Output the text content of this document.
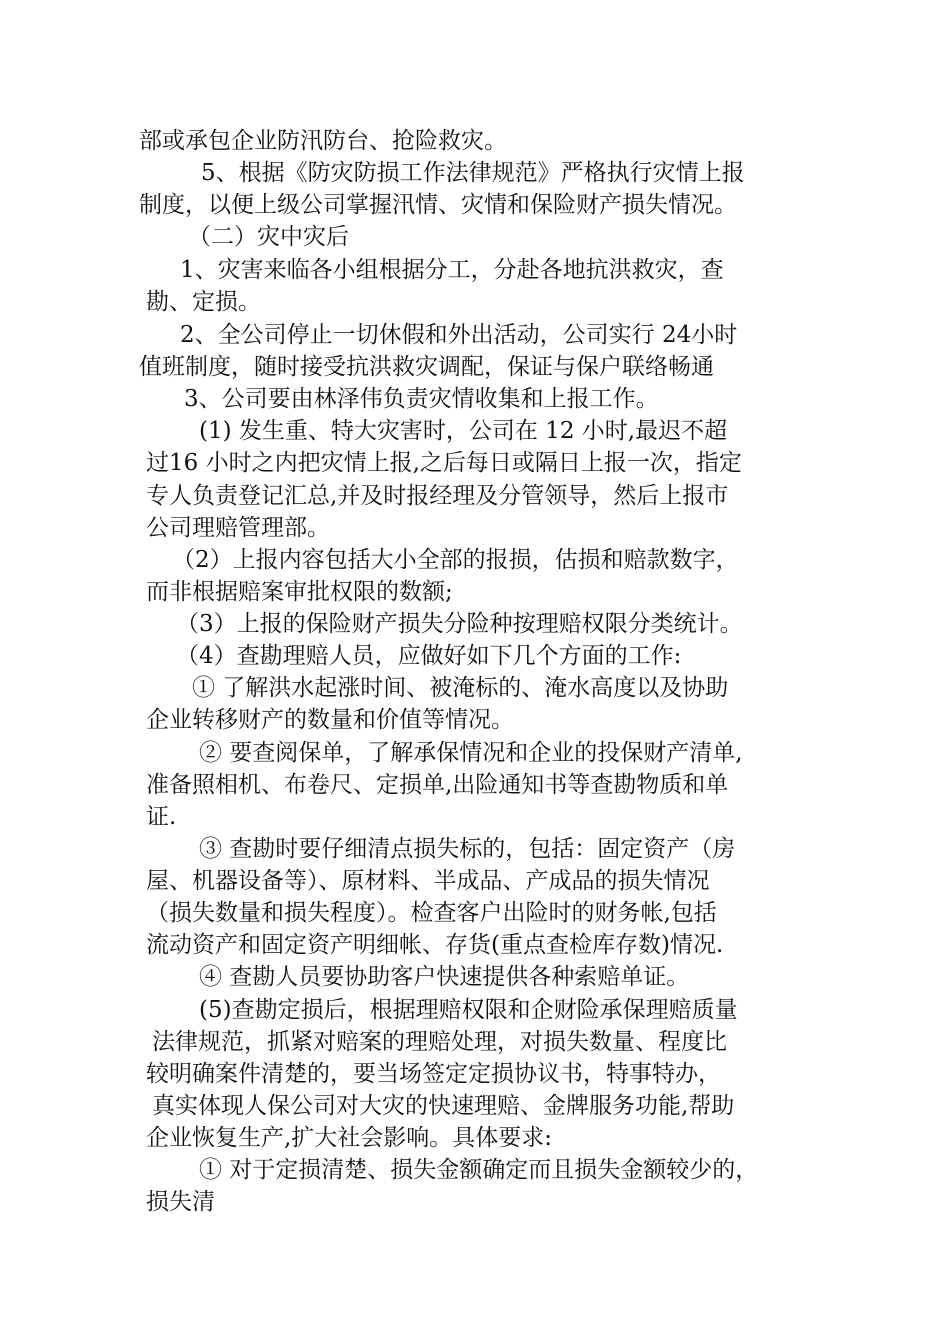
部或承包企业防汛防台、抢险救灾。
5、根据《防灾防损工作法律规范》严格执行灾情上报
制度，以便上级公司掌握汛情、灾情和保险财产损失情况。
（二）灾中灾后
1、灾害来临各小组根据分工，分赴各地抗洪救灾，查
勘、定损。
2、全公司停止一切休假和外出活动，公司实行 24小时
值班制度，随时接受抗洪救灾调配，保证与保户联络畅通
3、公司要由林泽伟负责灾情收集和上报工作。
(1) 发生重、特大灾害时，公司在 12 小时,最迟不超
过16 小时之内把灾情上报,之后每日或隔日上报一次，指定
专人负责登记汇总,并及时报经理及分管领导，然后上报市
公司理赔管理部。
（2）上报内容包括大小全部的报损，估损和赔款数字，
而非根据赔案审批权限的数额;
（3）上报的保险财产损失分险种按理赔权限分类统计。
（4）查勘理赔人员，应做好如下几个方面的工作:
① 了解洪水起涨时间、被淹标的、淹水高度以及协助
企业转移财产的数量和价值等情况。
② 要查阅保单，了解承保情况和企业的投保财产清单,
准备照相机、布卷尺、定损单,出险通知书等查勘物质和单
证.
③ 查勘时要仔细清点损失标的，包括：固定资产（房
屋、机器设备等）、原材料、半成品、产成品的损失情况
（损失数量和损失程度）。检查客户出险时的财务帐,包括
流动资产和固定资产明细帐、存货(重点查检库存数)情况.
④ 查勘人员要协助客户快速提供各种索赔单证。
(5)查勘定损后，根据理赔权限和企财险承保理赔质量
法律规范，抓紧对赔案的理赔处理，对损失数量、程度比
较明确案件清楚的，要当场签定定损协议书，特事特办，
真实体现人保公司对大灾的快速理赔、金牌服务功能,帮助
企业恢复生产,扩大社会影响。具体要求:
① 对于定损清楚、损失金额确定而且损失金额较少的，
损失清
